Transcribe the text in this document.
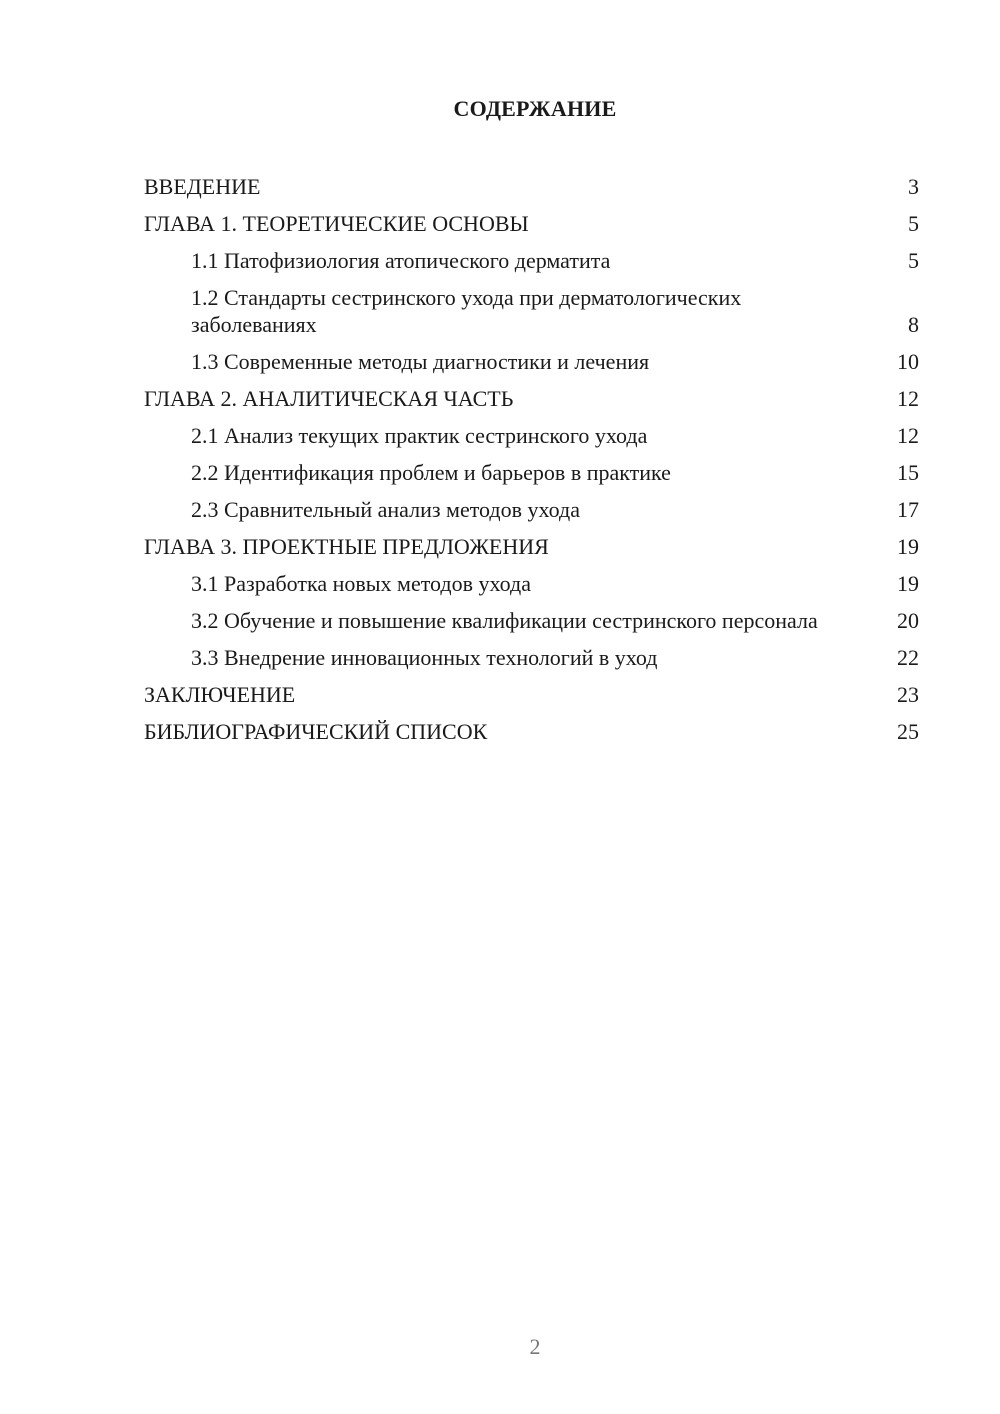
СОДЕРЖАНИЕ
ВВЕДЕНИЕ	3
ГЛАВА 1. ТЕОРЕТИЧЕСКИЕ ОСНОВЫ	5
1.1 Патофизиология атопического дерматита	5
1.2 Стандарты сестринского ухода при дерматологических заболеваниях	8
1.3 Современные методы диагностики и лечения	10
ГЛАВА 2. АНАЛИТИЧЕСКАЯ ЧАСТЬ	12
2.1 Анализ текущих практик сестринского ухода	12
2.2 Идентификация проблем и барьеров в практике	15
2.3 Сравнительный анализ методов ухода	17
ГЛАВА 3. ПРОЕКТНЫЕ ПРЕДЛОЖЕНИЯ	19
3.1 Разработка новых методов ухода	19
3.2 Обучение и повышение квалификации сестринского персонала	20
3.3 Внедрение инновационных технологий в уход	22
ЗАКЛЮЧЕНИЕ	23
БИБЛИОГРАФИЧЕСКИЙ СПИСОК	25
2
